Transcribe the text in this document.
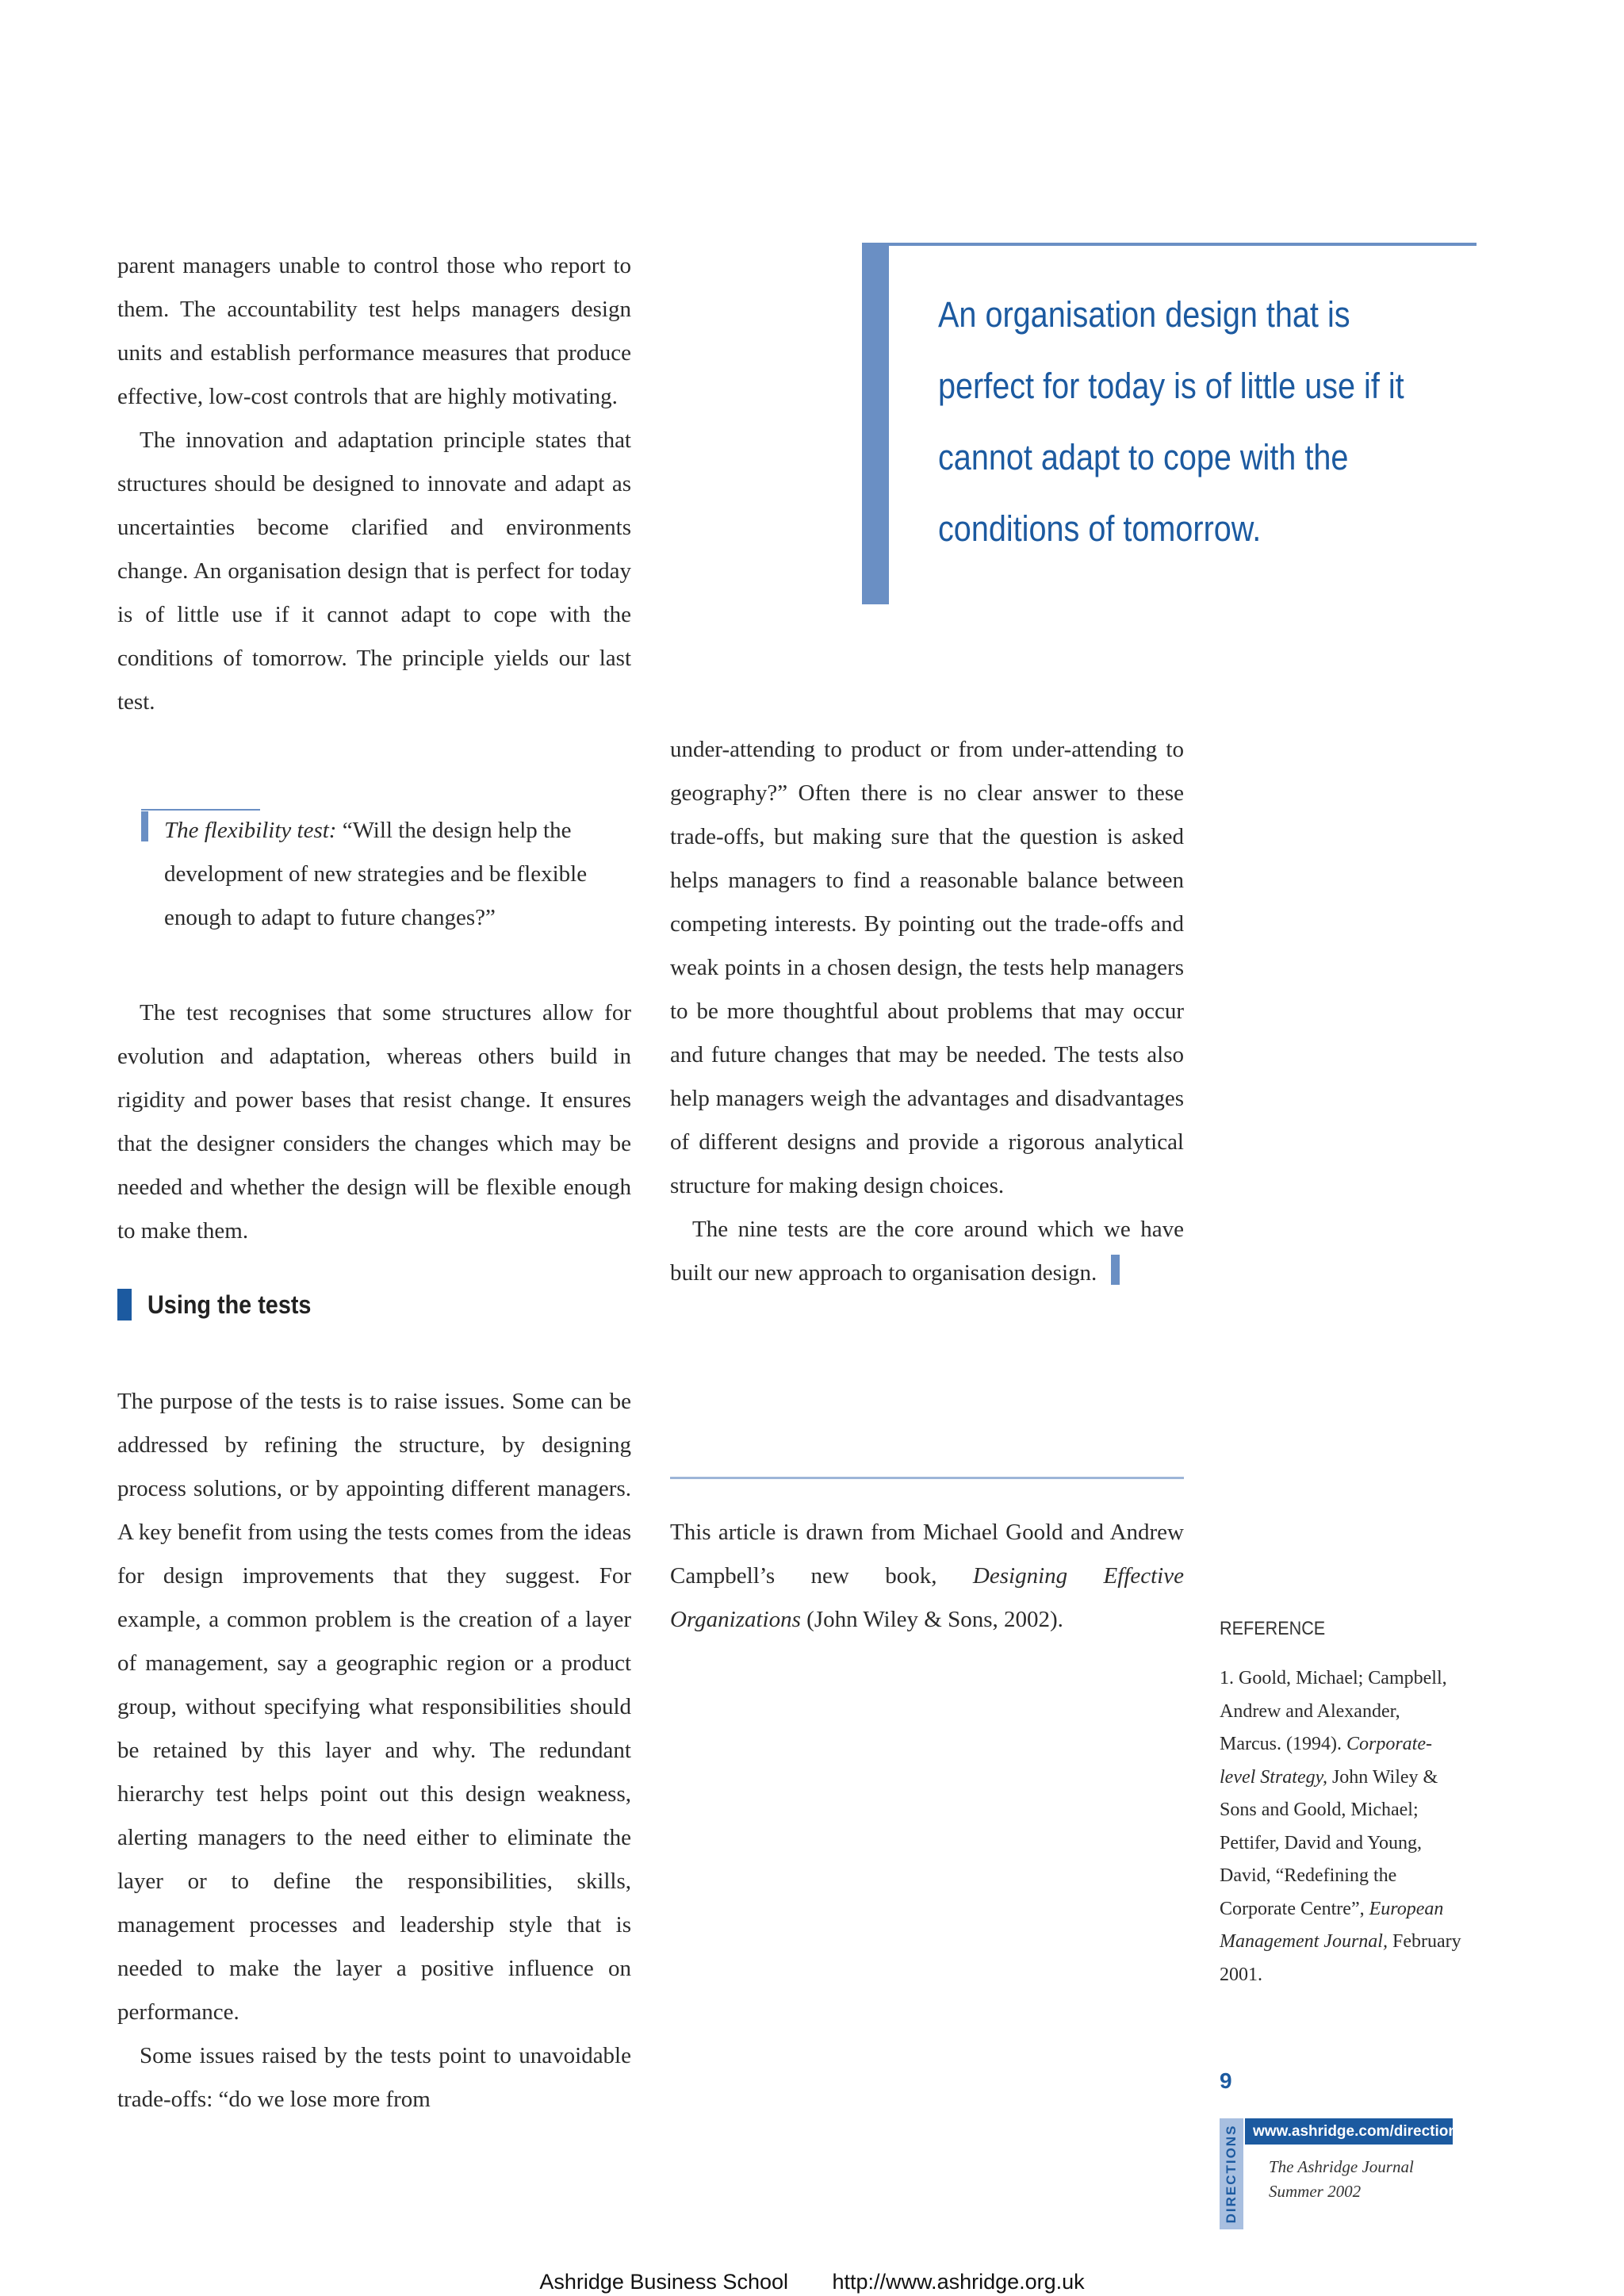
parent managers unable to control those who report to them. The accountability test helps managers design units and establish performance measures that produce effective, low-cost controls that are highly motivating.

The innovation and adaptation principle states that structures should be designed to innovate and adapt as uncertainties become clarified and environments change. An organisation design that is perfect for today is of little use if it cannot adapt to cope with the conditions of tomorrow. The principle yields our last test.

The flexibility test: “Will the design help the development of new strategies and be flexible enough to adapt to future changes?”

The test recognises that some structures allow for evolution and adaptation, whereas others build in rigidity and power bases that resist change. It ensures that the designer considers the changes which may be needed and whether the design will be flexible enough to make them.

Using the tests

The purpose of the tests is to raise issues. Some can be addressed by refining the structure, by designing process solutions, or by appointing different managers. A key benefit from using the tests comes from the ideas for design improvements that they suggest. For example, a common problem is the creation of a layer of management, say a geographic region or a product group, without specifying what responsibilities should be retained by this layer and why. The redundant hierarchy test helps point out this design weakness, alerting managers to the need either to eliminate the layer or to define the responsibilities, skills, management processes and leadership style that is needed to make the layer a positive influence on performance.

Some issues raised by the tests point to unavoidable trade-offs: “do we lose more from

An organisation design that is perfect for today is of little use if it cannot adapt to cope with the conditions of tomorrow.

under-attending to product or from under-attending to geography?” Often there is no clear answer to these trade-offs, but making sure that the question is asked helps managers to find a reasonable balance between competing interests. By pointing out the trade-offs and weak points in a chosen design, the tests help managers to be more thoughtful about problems that may occur and future changes that may be needed. The tests also help managers weigh the advantages and disadvantages of different designs and provide a rigorous analytical structure for making design choices.

The nine tests are the core around which we have built our new approach to organisation design.

This article is drawn from Michael Goold and Andrew Campbell’s new book, Designing Effective Organizations (John Wiley & Sons, 2002).	REFERENCE
1. Goold, Michael; Campbell, Andrew and Alexander, Marcus. (1994). Corporate-level Strategy, John Wiley & Sons and Goold, Michael; Pettifer, David and Young, David, “Redefining the Corporate Centre”, European Management Journal, February 2001.
9
DIRECTIONS www.ashridge.com/directions
The Ashridge Journal
Summer 2002
Ashridge Business School http://www.ashridge.org.uk
